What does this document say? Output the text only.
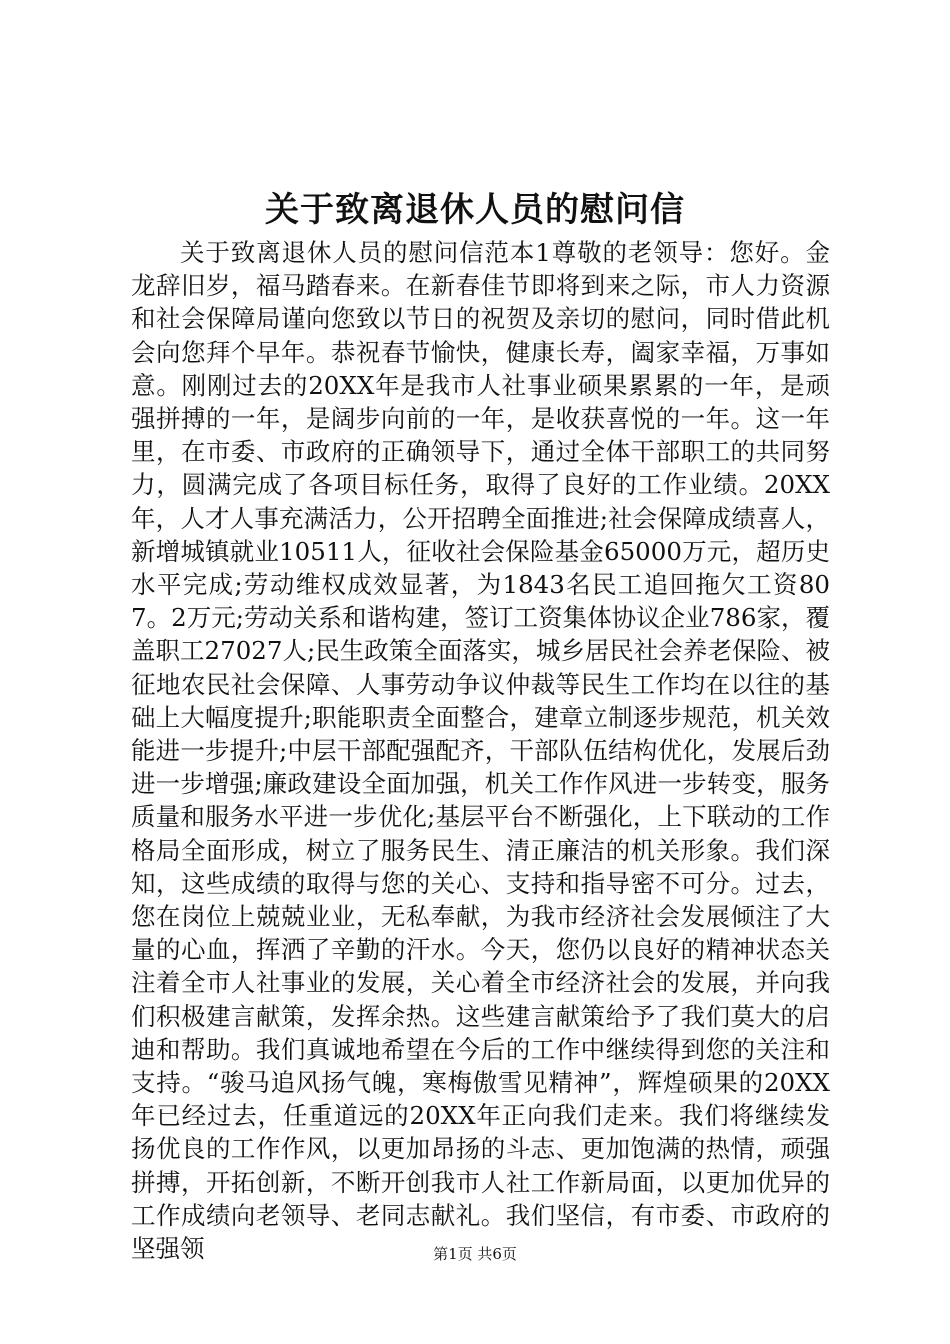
关于致离退休人员的慰问信

关于致离退休人员的慰问信范本1尊敬的老领导：您好。金龙辞旧岁，福马踏春来。在新春佳节即将到来之际，市人力资源和社会保障局谨向您致以节日的祝贺及亲切的慰问，同时借此机会向您拜个早年。恭祝春节愉快，健康长寿，阖家幸福，万事如意。刚刚过去的20XX年是我市人社事业硕果累累的一年，是顽强拼搏的一年，是阔步向前的一年，是收获喜悦的一年。这一年里，在市委、市政府的正确领导下，通过全体干部职工的共同努力，圆满完成了各项目标任务，取得了良好的工作业绩。20XX年，人才人事充满活力，公开招聘全面推进;社会保障成绩喜人，新增城镇就业10511人，征收社会保险基金65000万元，超历史水平完成;劳动维权成效显著，为1843名民工追回拖欠工资807。2万元;劳动关系和谐构建，签订工资集体协议企业786家，覆盖职工27027人;民生政策全面落实，城乡居民社会养老保险、被征地农民社会保障、人事劳动争议仲裁等民生工作均在以往的基础上大幅度提升;职能职责全面整合，建章立制逐步规范，机关效能进一步提升;中层干部配强配齐，干部队伍结构优化，发展后劲进一步增强;廉政建设全面加强，机关工作作风进一步转变，服务质量和服务水平进一步优化;基层平台不断强化，上下联动的工作格局全面形成，树立了服务民生、清正廉洁的机关形象。我们深知，这些成绩的取得与您的关心、支持和指导密不可分。过去，您在岗位上兢兢业业，无私奉献，为我市经济社会发展倾注了大量的心血，挥洒了辛勤的汗水。今天，您仍以良好的精神状态关注着全市人社事业的发展，关心着全市经济社会的发展，并向我们积极建言献策，发挥余热。这些建言献策给予了我们莫大的启迪和帮助。我们真诚地希望在今后的工作中继续得到您的关注和支持。“骏马追风扬气魄，寒梅傲雪见精神”，辉煌硕果的20XX年已经过去，任重道远的20XX年正向我们走来。我们将继续发扬优良的工作作风，以更加昂扬的斗志、更加饱满的热情，顽强拼搏，开拓创新，不断开创我市人社工作新局面，以更加优异的工作成绩向老领导、老同志献礼。我们坚信，有市委、市政府的坚强领	第1页 共6页
